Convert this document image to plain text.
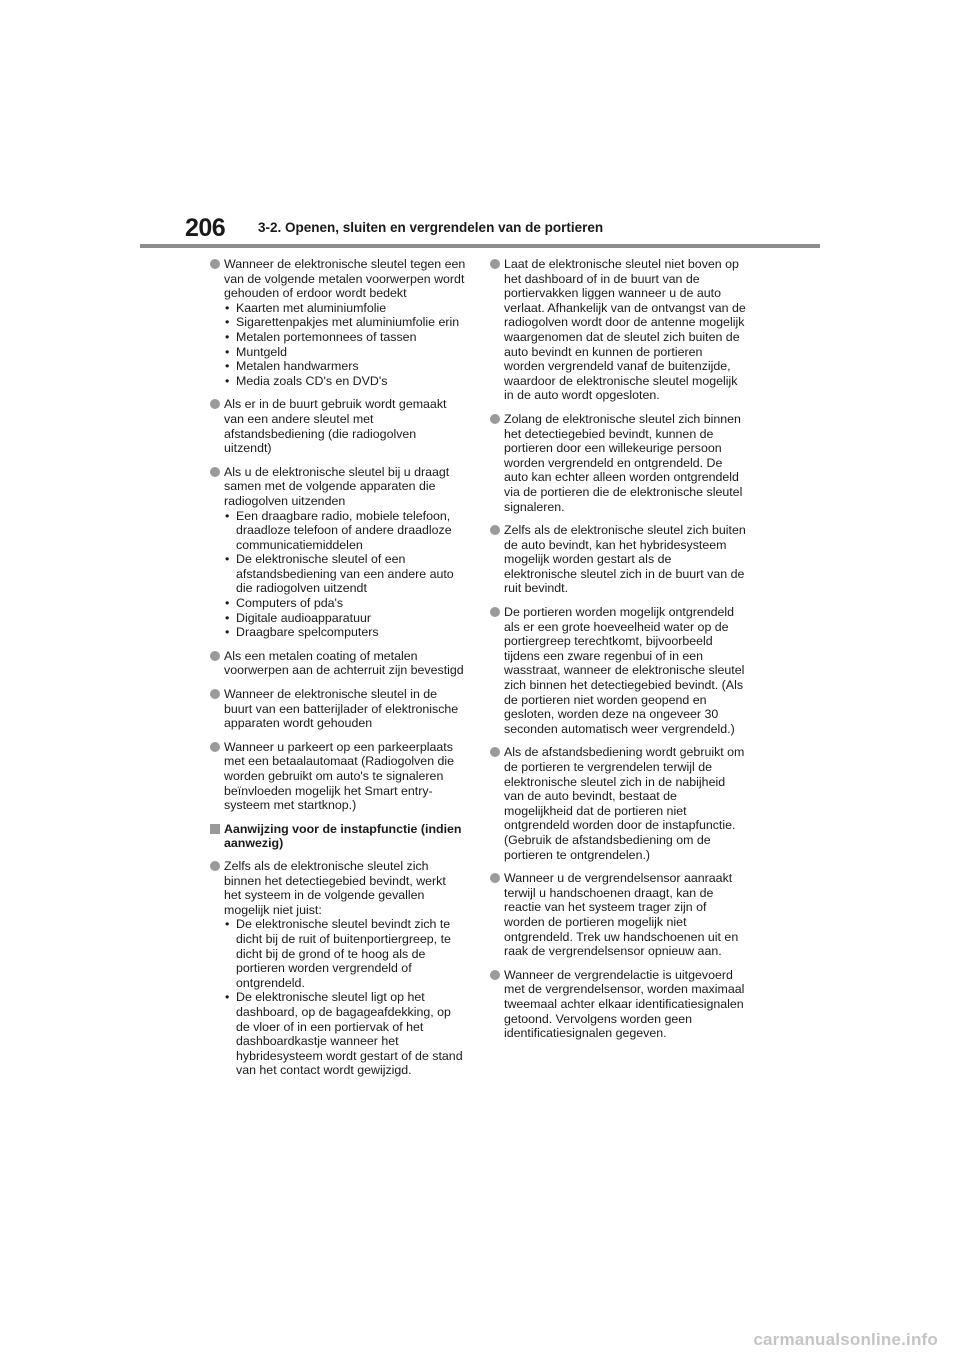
206 3-2. Openen, sluiten en vergrendelen van de portieren
Wanneer de elektronische sleutel tegen een van de volgende metalen voorwerpen wordt gehouden of erdoor wordt bedekt
• Kaarten met aluminiumfolie
• Sigarettenpakjes met aluminiumfolie erin
• Metalen portemonnees of tassen
• Muntgeld
• Metalen handwarmers
• Media zoals CD's en DVD's
Als er in de buurt gebruik wordt gemaakt van een andere sleutel met afstandsbediening (die radiogolven uitzendt)
Als u de elektronische sleutel bij u draagt samen met de volgende apparaten die radiogolven uitzenden
• Een draagbare radio, mobiele telefoon, draadloze telefoon of andere draadloze communicatiemiddelen
• De elektronische sleutel of een afstandsbediening van een andere auto die radiogolven uitzendt
• Computers of pda's
• Digitale audioapparatuur
• Draagbare spelcomputers
Als een metalen coating of metalen voorwerpen aan de achterruit zijn bevestigd
Wanneer de elektronische sleutel in de buurt van een batterijlader of elektronische apparaten wordt gehouden
Wanneer u parkeert op een parkeerplaats met een betaalautomaat (Radiogolven die worden gebruikt om auto's te signaleren beïnvloeden mogelijk het Smart entry-systeem met startknop.)
Aanwijzing voor de instapfunctie (indien aanwezig)
Zelfs als de elektronische sleutel zich binnen het detectiegebied bevindt, werkt het systeem in de volgende gevallen mogelijk niet juist:
• De elektronische sleutel bevindt zich te dicht bij de ruit of buitenportiergreep, te dicht bij de grond of te hoog als de portieren worden vergrendeld of ontgrendeld.
• De elektronische sleutel ligt op het dashboard, op de bagageafdekking, op de vloer of in een portiervak of het dashboardkastje wanneer het hybridesysteem wordt gestart of de stand van het contact wordt gewijzigd.
Laat de elektronische sleutel niet boven op het dashboard of in de buurt van de portiervakken liggen wanneer u de auto verlaat. Afhankelijk van de ontvangst van de radiogolven wordt door de antenne mogelijk waargenomen dat de sleutel zich buiten de auto bevindt en kunnen de portieren worden vergrendeld vanaf de buitenzijde, waardoor de elektronische sleutel mogelijk in de auto wordt opgesloten.
Zolang de elektronische sleutel zich binnen het detectiegebied bevindt, kunnen de portieren door een willekeurige persoon worden vergrendeld en ontgrendeld. De auto kan echter alleen worden ontgrendeld via de portieren die de elektronische sleutel signaleren.
Zelfs als de elektronische sleutel zich buiten de auto bevindt, kan het hybridesysteem mogelijk worden gestart als de elektronische sleutel zich in de buurt van de ruit bevindt.
De portieren worden mogelijk ontgrendeld als er een grote hoeveelheid water op de portiergreep terechtkomt, bijvoorbeeld tijdens een zware regenbui of in een wasstraat, wanneer de elektronische sleutel zich binnen het detectiegebied bevindt. (Als de portieren niet worden geopend en gesloten, worden deze na ongeveer 30 seconden automatisch weer vergrendeld.)
Als de afstandsbediening wordt gebruikt om de portieren te vergrendelen terwijl de elektronische sleutel zich in de nabijheid van de auto bevindt, bestaat de mogelijkheid dat de portieren niet ontgrendeld worden door de instapfunctie. (Gebruik de afstandsbediening om de portieren te ontgrendelen.)
Wanneer u de vergrendelsensor aanraakt terwijl u handschoenen draagt, kan de reactie van het systeem trager zijn of worden de portieren mogelijk niet ontgrendeld. Trek uw handschoenen uit en raak de vergrendelsensor opnieuw aan.
Wanneer de vergrendelactie is uitgevoerd met de vergrendelsensor, worden maximaal tweemaal achter elkaar identificatiesignalen getoond. Vervolgens worden geen identificatiesignalen gegeven.
carmanualsonline.info
